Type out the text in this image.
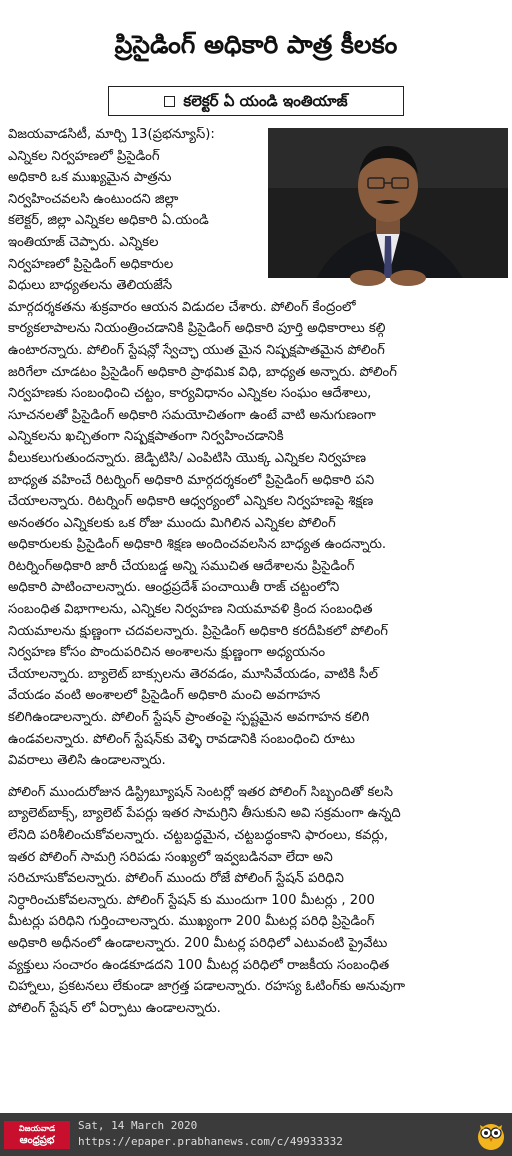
ప్రిసైడింగ్ అధికారి పాత్ర కీలకం
కలెక్టర్ ఏ యండి ఇంతియాజ్
విజయవాడసిటీ, మార్చి 13(ప్రభన్యూస్):
ఎన్నికల నిర్వహణలో ప్రిసైడింగ్
అధికారి ఒక ముఖ్యమైన పాత్రను
నిర్వహించవలసి ఉంటుందని జిల్లా
కలెక్టర్, జిల్లా ఎన్నికల అధికారి ఏ.యండి
ఇంతియాజ్ చెప్పారు. ఎన్నికల
నిర్వహణలో ప్రిసైడింగ్ అధికారుల
విధులు బాధ్యతలను తెలియజేసే
మార్గదర్శకతను శుక్రవారం ఆయన విడుదల చేశారు. పోలింగ్ కేంద్రంలో
కార్యకలాపాలను నియంత్రించడానికి ప్రిసైడింగ్ అధికారి పూర్తి అధికారాలు కల్గి
ఉంటారన్నారు. పోలింగ్ స్టేషన్లో స్వేచ్ఛా యుత మైన నిష్పక్షపాతమైన పోలింగ్
జరిగేలా చూడటం ప్రిసైడింగ్ అధికారి ప్రాథమిక విధి, బాధ్యత అన్నారు. పోలింగ్
నిర్వహణకు సంబంధించి చట్టం, కార్యవిధానం ఎన్నికల సంఘం ఆదేశాలు,
సూచనలతో ప్రిసైడింగ్ అధికారి సమయోచితంగా ఉంటే వాటి అనుగుణంగా
ఎన్నికలను ఖచ్చితంగా నిష్పక్షపాతంగా నిర్వహించడానికి
వీలుకలుగుతుందన్నారు. జెడ్పిటిసి/ ఎంపిటిసి యొక్క ఎన్నికల నిర్వహణ
బాధ్యత వహించే రిటర్నింగ్ అధికారి మార్గదర్శకంలో ప్రిసైడింగ్ అధికారి పని
చేయాలన్నారు. రిటర్నింగ్ అధికారి ఆధ్వర్యంలో ఎన్నికల నిర్వహణపై శిక్షణ
అనంతరం ఎన్నికలకు ఒక రోజు ముందు మిగిలిన ఎన్నికల పోలింగ్
అధికారులకు ప్రిసైడింగ్ అధికారి శిక్షణ అందించవలసిన బాధ్యత ఉందన్నారు.
రిటర్నింగ్అధికారి జారీ చేయబడ్డ అన్ని సముచిత ఆదేశాలను ప్రిసైడింగ్
అధికారి పాటించాలన్నారు. ఆంధ్రప్రదేశ్ పంచాయితీ రాజ్ చట్టంలోని
సంబంధిత విభాగాలను, ఎన్నికల నిర్వహణ నియమావళి క్రింద సంబంధిత
నియమాలను క్షుణ్ణంగా చదవలన్నారు. ప్రిసైడింగ్ అధికారి కరదీపికలో పోలింగ్
నిర్వహణ కోసం పొందుపరిచిన అంశాలను క్షుణ్ణంగా అధ్యయనం
చేయాలన్నారు. బ్యాలెట్ బాక్సులను తెరవడం, మూసివేయడం, వాటికి సీల్
వేయడం వంటి అంశాలలో ప్రిసైడింగ్ అధికారి మంచి అవగాహన
కలిగిఉండాలన్నారు. పోలింగ్ స్టేషన్ ప్రాంతంపై స్పష్టమైన అవగాహన కలిగి
ఉండవలన్నారు. పోలింగ్ స్టేషన్‌కు వెళ్ళి రావడానికి సంబంధించి రూటు
వివరాలు తెలిసి ఉండాలన్నారు.
పోలింగ్ ముందురోజున డిస్ట్రిబ్యూషన్ సెంటర్లో ఇతర పోలింగ్ సిబ్బందితో కలసి
బ్యాలెట్‌బాక్స్, బ్యాలెట్ పేపర్లు ఇతర సామగ్రిని తీసుకుని అవి సక్రమంగా ఉన్నది
లేనిది పరిశీలించుకోవలన్నారు. చట్టబద్ధమైన, చట్టబద్ధంకాని ఫారంలు, కవర్లు,
ఇతర పోలింగ్ సామగ్రి సరిపడు సంఖ్యలో ఇవ్వబడినవా లేదా అని
సరిచూసుకోవలన్నారు. పోలింగ్ ముందు రోజే పోలింగ్ స్టేషన్ పరిధిని
నిర్ధారించుకోవలన్నారు. పోలింగ్ స్టేషన్ కు ముందుగా 100 మీటర్లు , 200
మీటర్లు పరిధిని గుర్తించాలన్నారు. ముఖ్యంగా 200 మీటర్ల పరిధి ప్రిసైడింగ్
అధికారి అధీనంలో ఉండాలన్నారు. 200 మీటర్ల పరిధిలో ఎటువంటి ప్రైవేటు
వ్యక్తులు సంచారం ఉండకూడదని 100 మీటర్ల పరిధిలో రాజకీయ సంబంధిత
చిహ్నాలు, ప్రకటనలు లేకుండా జాగ్రత్త పడాలన్నారు. రహస్య ఓటింగ్‌కు అనువుగా
పోలింగ్ స్టేషన్ లో ఏర్పాటు ఉండాలన్నారు.
విజయవాడ
ఆంధ్రప్రభ
Sat, 14 March 2020
https://epaper.prabhanews.com/c/49933332
